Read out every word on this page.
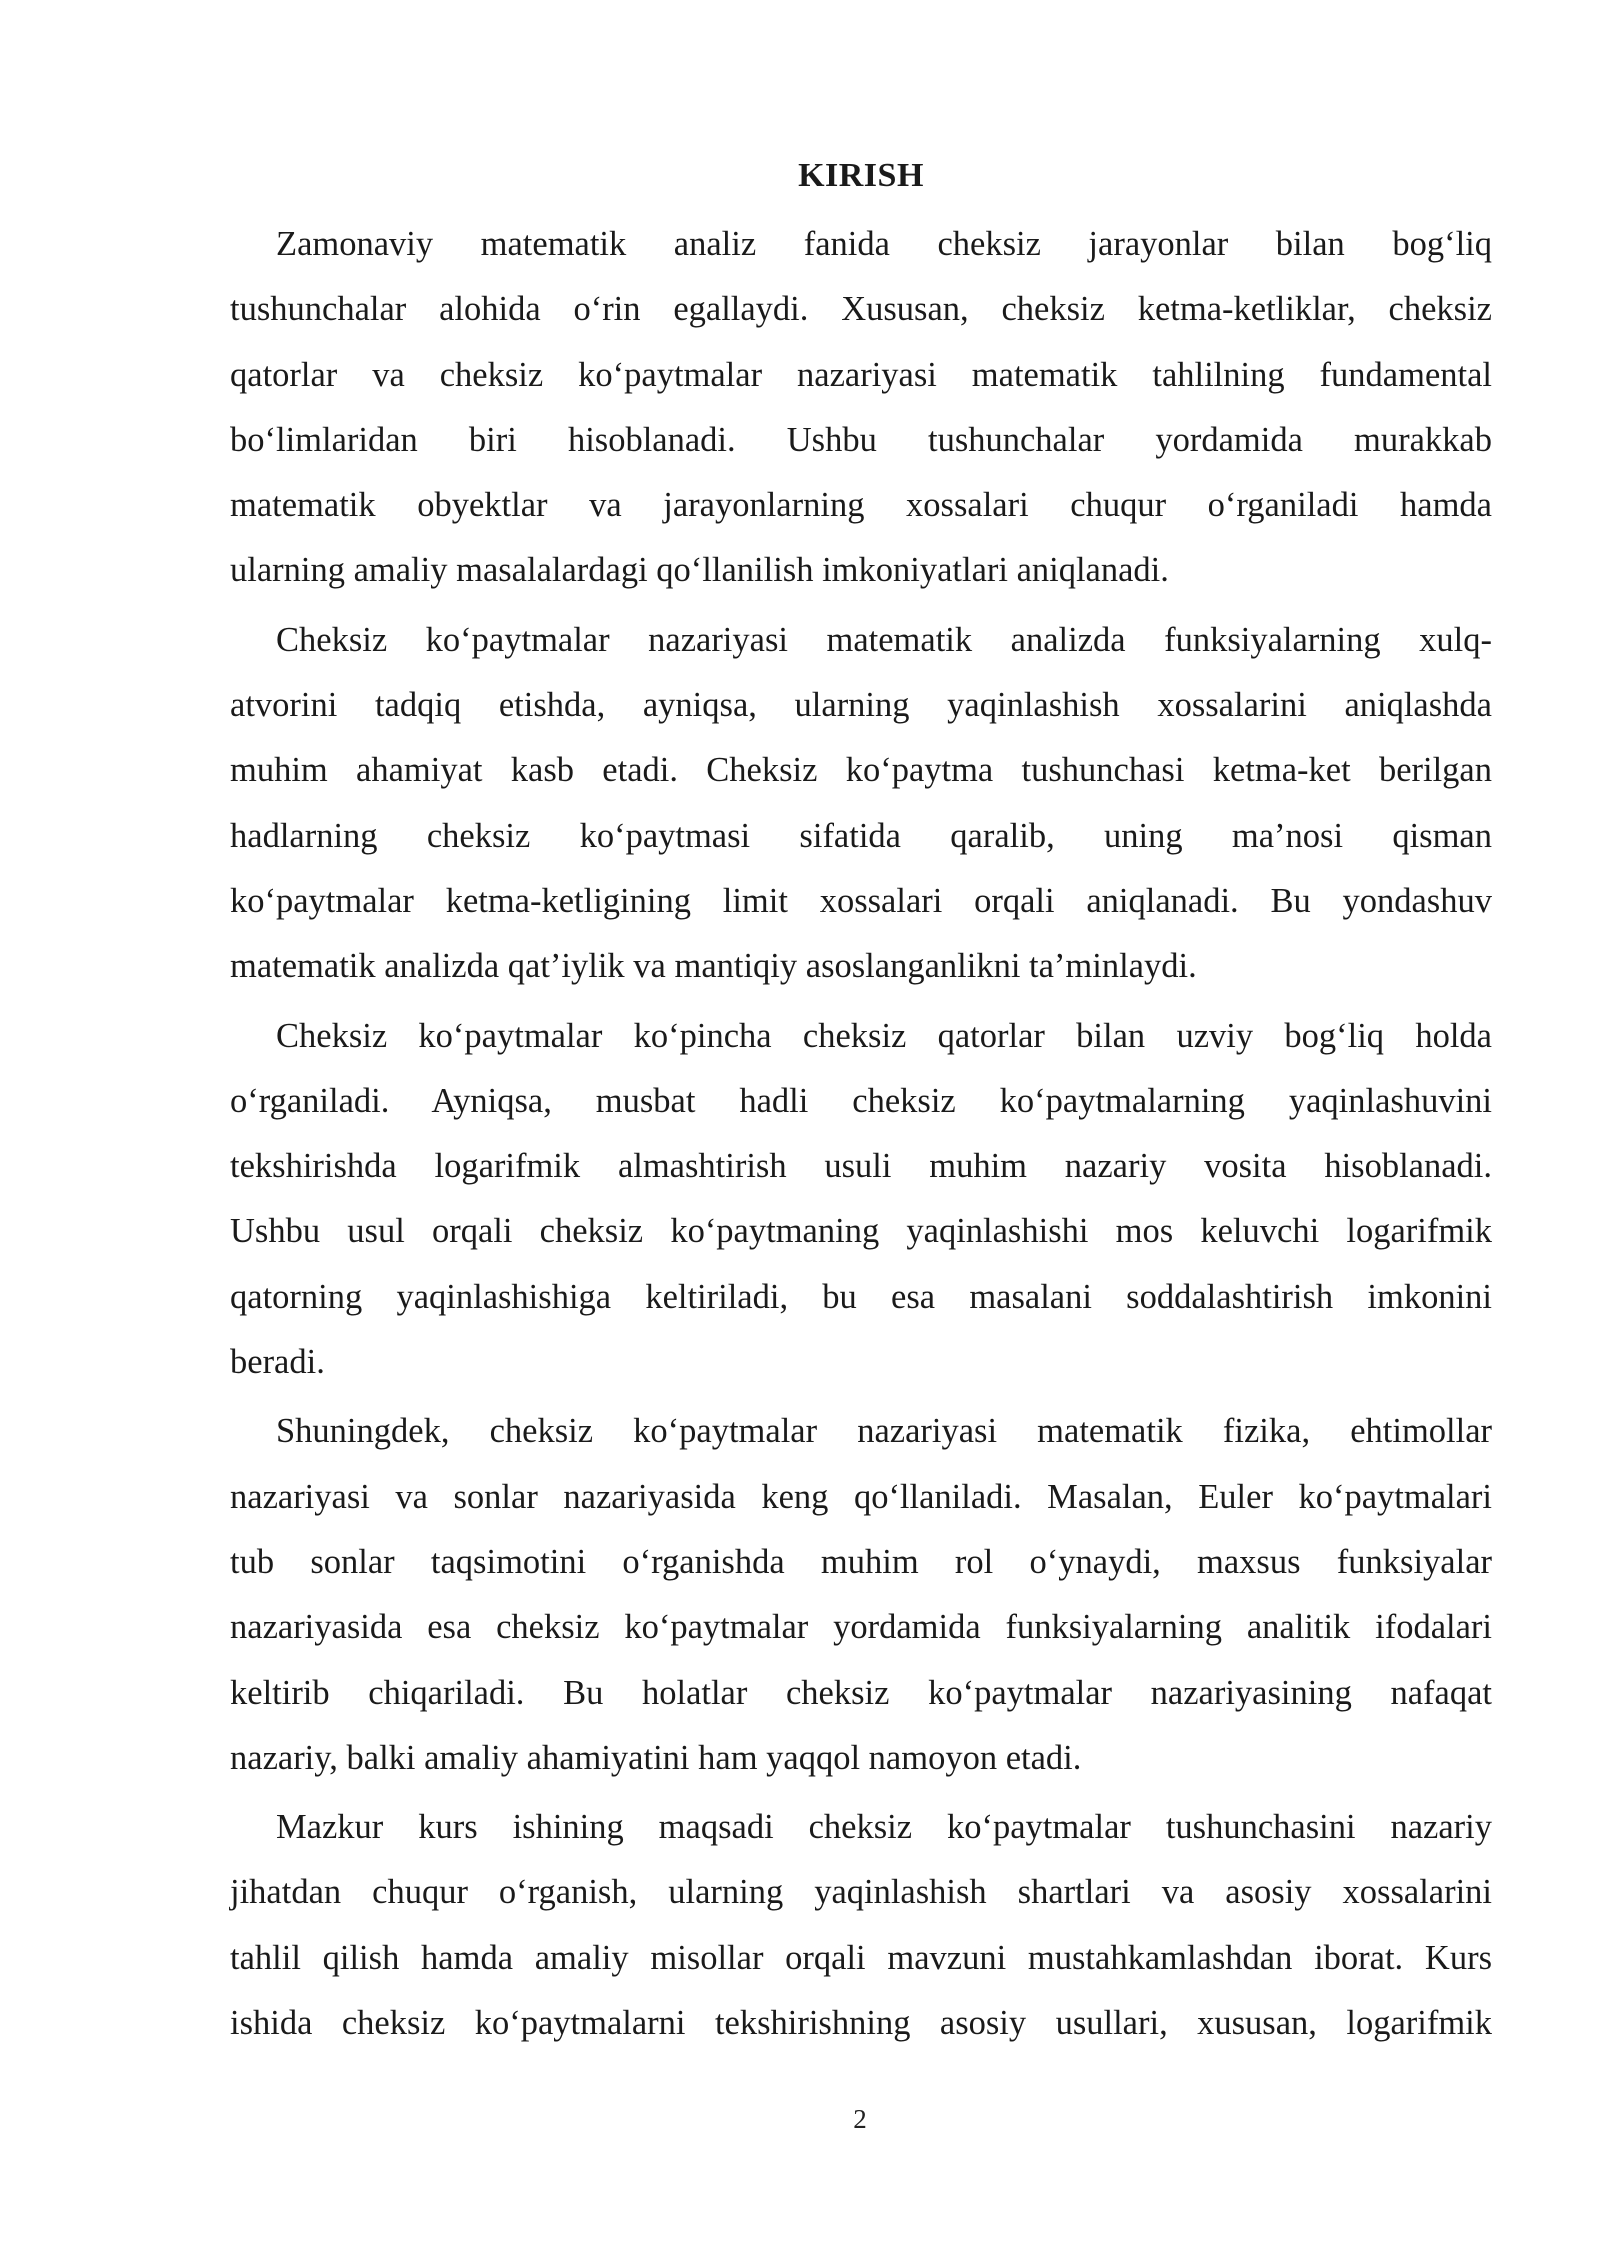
KIRISH
Zamonaviy matematik analiz fanida cheksiz jarayonlar bilan bog‘liq
tushunchalar alohida o‘rin egallaydi. Xususan, cheksiz ketma-ketliklar, cheksiz
qatorlar va cheksiz ko‘paytmalar nazariyasi matematik tahlilning fundamental
bo‘limlaridan biri hisoblanadi. Ushbu tushunchalar yordamida murakkab
matematik obyektlar va jarayonlarning xossalari chuqur o‘rganiladi hamda
ularning amaliy masalalardagi qo‘llanilish imkoniyatlari aniqlanadi.
Cheksiz ko‘paytmalar nazariyasi matematik analizda funksiyalarning xulq-
atvorini tadqiq etishda, ayniqsa, ularning yaqinlashish xossalarini aniqlashda
muhim ahamiyat kasb etadi. Cheksiz ko‘paytma tushunchasi ketma-ket berilgan
hadlarning cheksiz ko‘paytmasi sifatida qaralib, uning ma’nosi qisman
ko‘paytmalar ketma-ketligining limit xossalari orqali aniqlanadi. Bu yondashuv
matematik analizda qat’iylik va mantiqiy asoslanganlikni ta’minlaydi.
Cheksiz ko‘paytmalar ko‘pincha cheksiz qatorlar bilan uzviy bog‘liq holda
o‘rganiladi. Ayniqsa, musbat hadli cheksiz ko‘paytmalarning yaqinlashuvini
tekshirishda logarifmik almashtirish usuli muhim nazariy vosita hisoblanadi.
Ushbu usul orqali cheksiz ko‘paytmaning yaqinlashishi mos keluvchi logarifmik
qatorning yaqinlashishiga keltiriladi, bu esa masalani soddalashtirish imkonini
beradi.
Shuningdek, cheksiz ko‘paytmalar nazariyasi matematik fizika, ehtimollar
nazariyasi va sonlar nazariyasida keng qo‘llaniladi. Masalan, Euler ko‘paytmalari
tub sonlar taqsimotini o‘rganishda muhim rol o‘ynaydi, maxsus funksiyalar
nazariyasida esa cheksiz ko‘paytmalar yordamida funksiyalarning analitik ifodalari
keltirib chiqariladi. Bu holatlar cheksiz ko‘paytmalar nazariyasining nafaqat
nazariy, balki amaliy ahamiyatini ham yaqqol namoyon etadi.
Mazkur kurs ishining maqsadi cheksiz ko‘paytmalar tushunchasini nazariy
jihatdan chuqur o‘rganish, ularning yaqinlashish shartlari va asosiy xossalarini
tahlil qilish hamda amaliy misollar orqali mavzuni mustahkamlashdan iborat. Kurs
ishida cheksiz ko‘paytmalarni tekshirishning asosiy usullari, xususan, logarifmik
2
